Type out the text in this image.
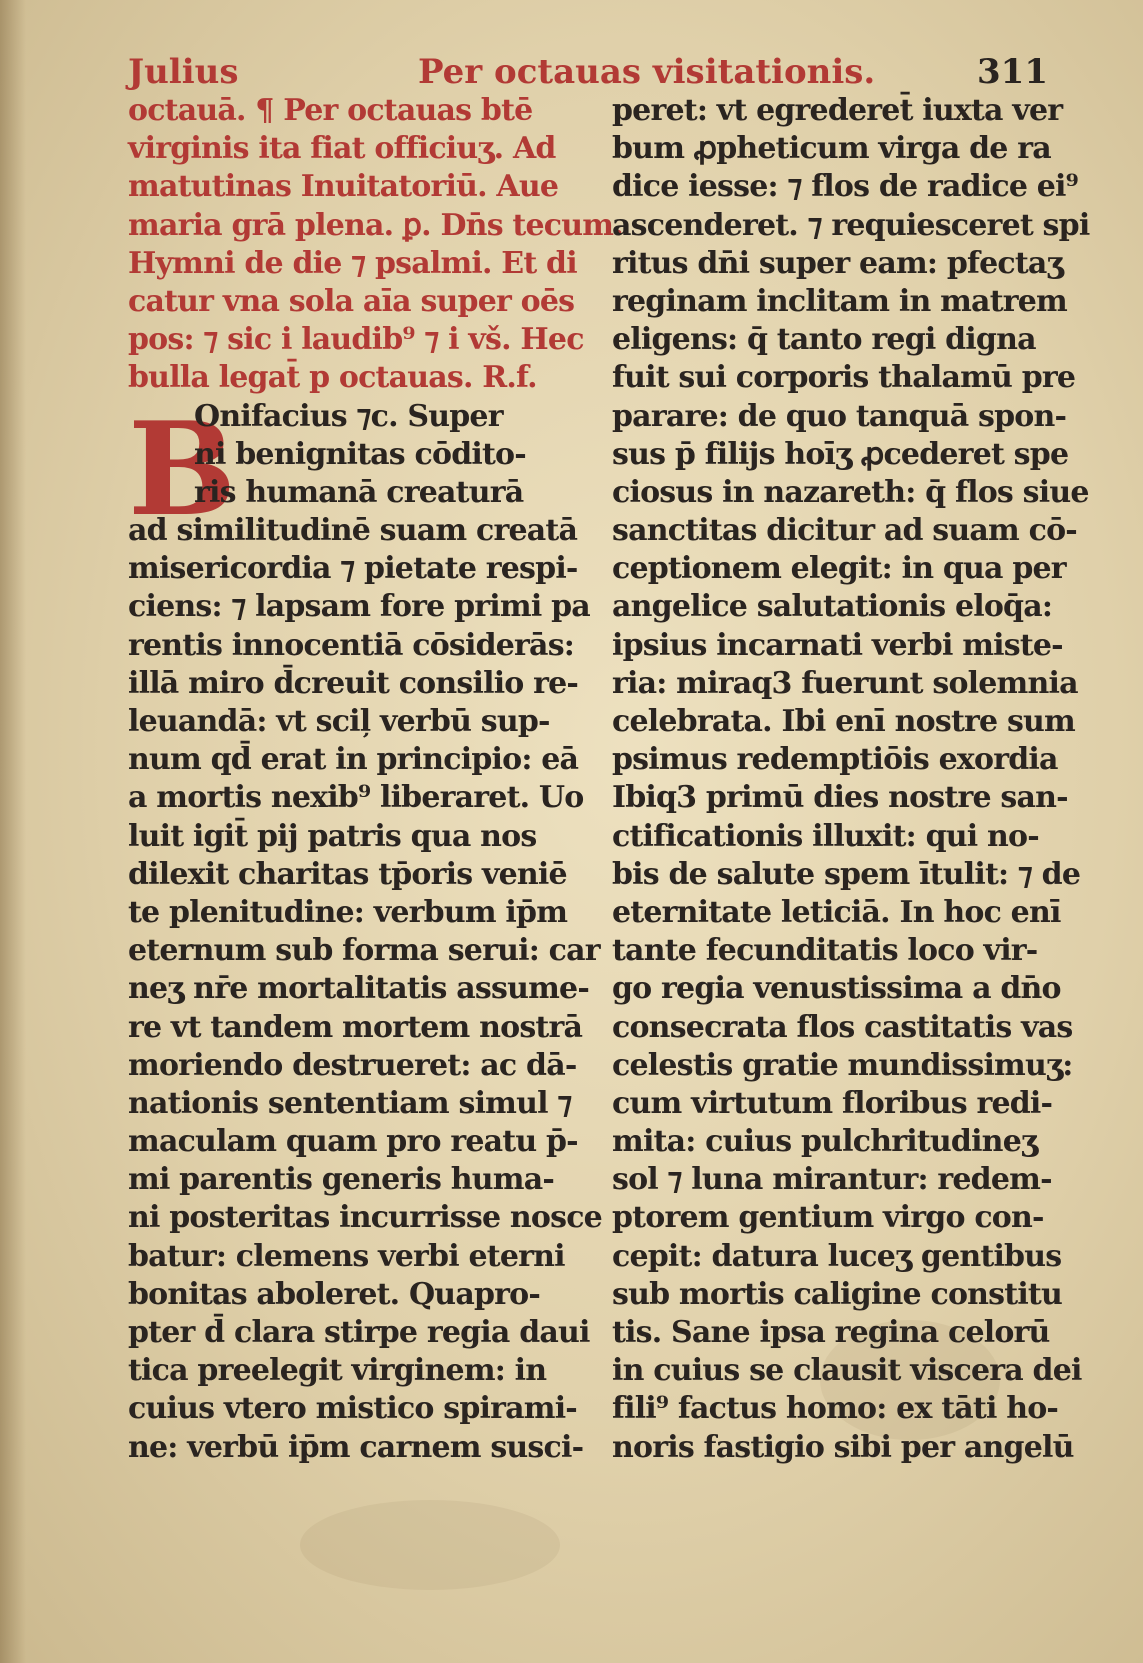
Julius	Per octauas visitationis.	311
B
octauā. ¶ Per octauas btē
virginis ita fiat officiuʒ. Ad
matutinas Inuitatoriū. Aue
maria grā plena. ꝑ. Dn̄s tecum.
Hymni de die ⁊ psalmi. Et di
catur vna sola aīa super oēs
pos: ⁊ sic i laudib⁹ ⁊ i vš. Hec
bulla legat̄ p octauas. R.f.
Onifacius ⁊c. Super
ni benignitas cōdito-
ris humanā creaturā
ad similitudinē suam creatā
misericordia ⁊ pietate respi-
ciens: ⁊ lapsam fore primi pa
rentis innocentiā cōsiderās:
illā miro d̄creuit consilio re-
leuandā: vt sciļ verbū sup-
num qd̄ erat in principio: eā
a mortis nexib⁹ liberaret. Uo
luit igit̄ pij patris qua nos
dilexit charitas tp̄oris veniē
te plenitudine: verbum ip̄m
eternum sub forma serui: car
neʒ nr̄e mortalitatis assume-
re vt tandem mortem nostrā
moriendo destrueret: ac dā-
nationis sententiam simul ⁊
maculam quam pro reatu p̄-
mi parentis generis huma-
ni posteritas incurrisse nosce
batur: clemens verbi eterni
bonitas aboleret. Quapro-
pter d̄ clara stirpe regia daui
tica preelegit virginem: in
cuius vtero mistico spirami-
ne: verbū ip̄m carnem susci-
peret: vt egrederet̄ iuxta ver
bum ꝓpheticum virga de ra
dice iesse: ⁊ flos de radice ei⁹
ascenderet. ⁊ requiesceret spi
ritus dn̄i super eam: pfectaʒ
reginam inclitam in matrem
eligens: q̄ tanto regi digna
fuit sui corporis thalamū pre
parare: de quo tanquā spon-
sus p̄ filijs hoīʒ ꝓcederet spe
ciosus in nazareth: q̄ flos siue
sanctitas dicitur ad suam cō-
ceptionem elegit: in qua per
angelice salutationis eloq̄a:
ipsius incarnati verbi miste-
ria: miraq3 fuerunt solemnia
celebrata. Ibi enī nostre sum
psimus redemptiōis exordia
Ibiq3 primū dies nostre san-
ctificationis illuxit: qui no-
bis de salute spem ītulit: ⁊ de
eternitate leticiā. In hoc enī
tante fecunditatis loco vir-
go regia venustissima a dn̄o
consecrata flos castitatis vas
celestis gratie mundissimuʒ:
cum virtutum floribus redi-
mita: cuius pulchritudineʒ
sol ⁊ luna mirantur: redem-
ptorem gentium virgo con-
cepit: datura luceʒ gentibus
sub mortis caligine constitu
tis. Sane ipsa regina celorū
in cuius se clausit viscera dei
fili⁹ factus homo: ex tāti ho-
noris fastigio sibi per angelū
